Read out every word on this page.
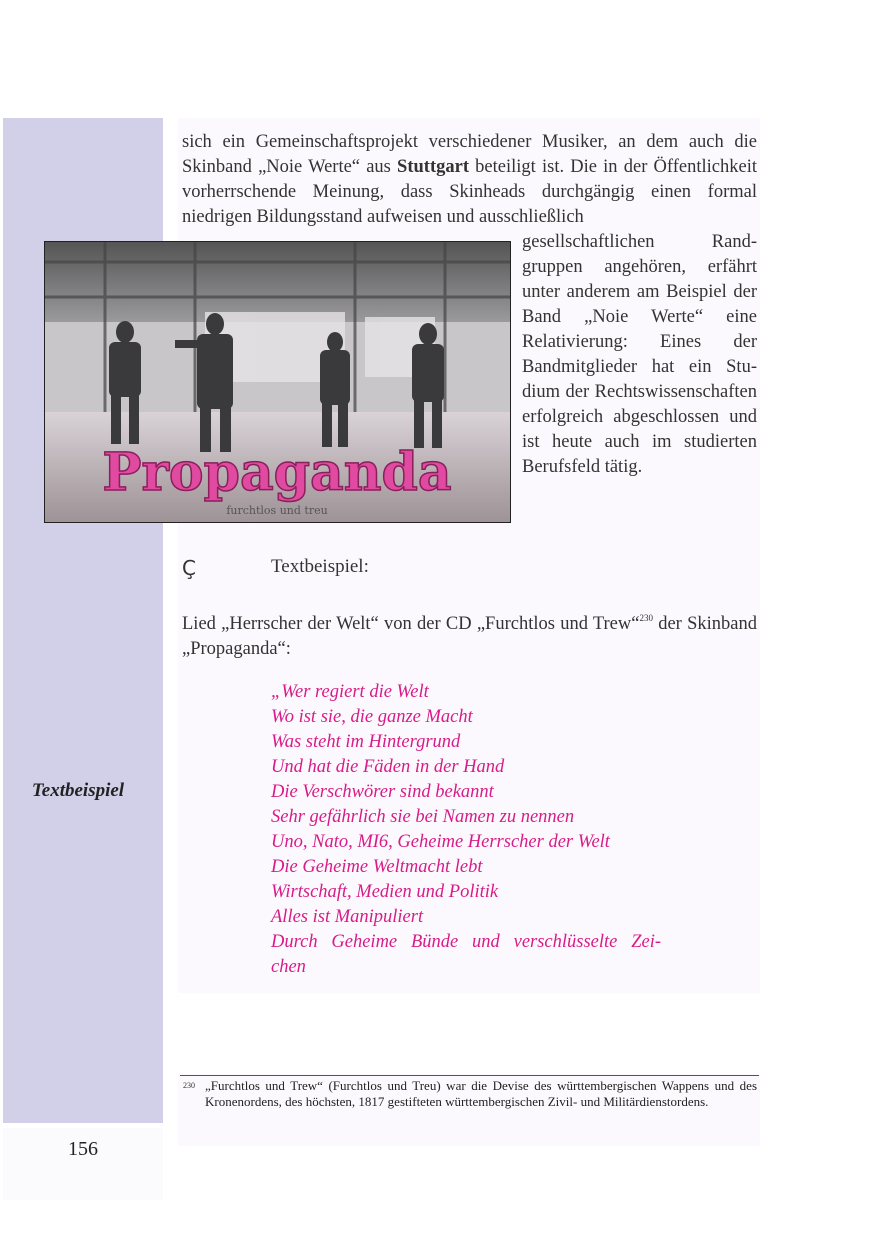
Textbeispiel
156

sich ein Gemeinschaftsprojekt verschiedener Musiker, an dem auch die Skinband „Noie Werte“ aus Stuttgart beteiligt ist. Die in der Öffentlichkeit vorherrschende Meinung, dass Skinheads durchgängig einen formal niedrigen Bildungsstand aufweisen und ausschließlich

gesellschaftlichen Randgruppen angehören, erfährt unter anderem am Beispiel der Band „Noie Werte“ eine Relativierung: Eines der Bandmitglieder hat ein Studium der Rechtswissenschaften erfolgreich abgeschlossen und ist heute auch im studierten Berufsfeld tätig.

Propaganda
furchtlos und treu
Ç	Textbeispiel:

Lied „Herrscher der Welt“ von der CD „Furchtlos und Trew“$^{230}$ der Skinband „Propaganda“:

„Wer regiert die Welt
Wo ist sie, die ganze Macht
Was steht im Hintergrund
Und hat die Fäden in der Hand
Die Verschwörer sind bekannt
Sehr gefährlich sie bei Namen zu nennen
Uno, Nato, MI6, Geheime Herrscher der Welt
Die Geheime Weltmacht lebt
Wirtschaft, Medien und Politik
Alles ist Manipuliert
Durch Geheime Bünde und verschlüsselte Zei-
chen
230 „Furchtlos und Trew“ (Furchtlos und Treu) war die Devise des württembergischen Wappens und des Kronenordens, des höchsten, 1817 gestifteten württembergischen Zivil- und Militärdienstordens.
